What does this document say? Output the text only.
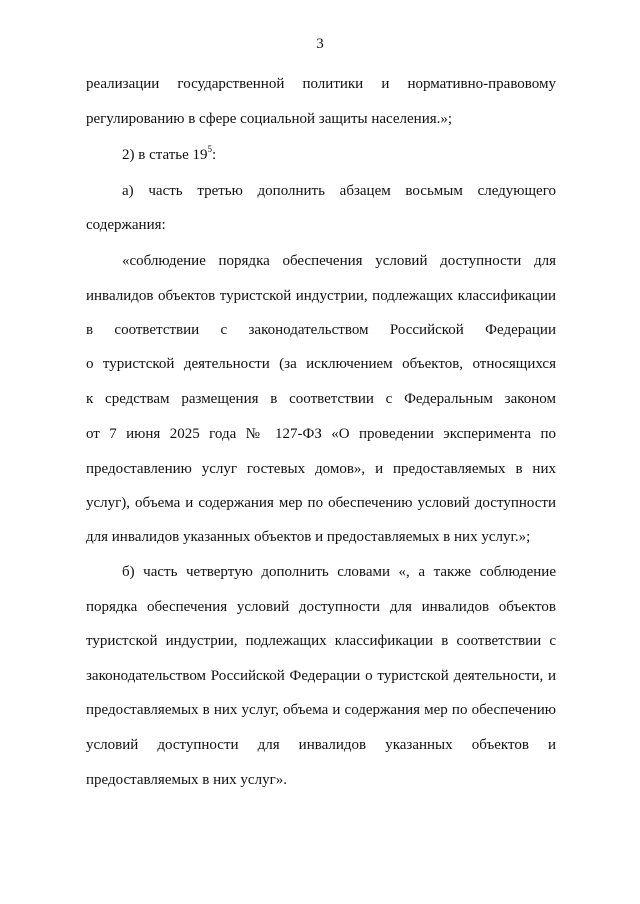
3
реализации государственной политики и нормативно-правовому
регулированию в сфере социальной защиты населения.»;
2) в статье $19^5$:
а) часть третью дополнить абзацем восьмым следующего
содержания:
«соблюдение порядка обеспечения условий доступности для
инвалидов объектов туристской индустрии, подлежащих классификации
в соответствии с законодательством Российской Федерации
о туристской деятельности (за исключением объектов, относящихся
к средствам размещения в соответствии с Федеральным законом
от 7 июня 2025 года № 127-ФЗ «О проведении эксперимента по
предоставлению услуг гостевых домов», и предоставляемых в них
услуг), объема и содержания мер по обеспечению условий доступности
для инвалидов указанных объектов и предоставляемых в них услуг.»;
б) часть четвертую дополнить словами «, а также соблюдение
порядка обеспечения условий доступности для инвалидов объектов
туристской индустрии, подлежащих классификации в соответствии с
законодательством Российской Федерации о туристской деятельности, и
предоставляемых в них услуг, объема и содержания мер по обеспечению
условий доступности для инвалидов указанных объектов и
предоставляемых в них услуг».
